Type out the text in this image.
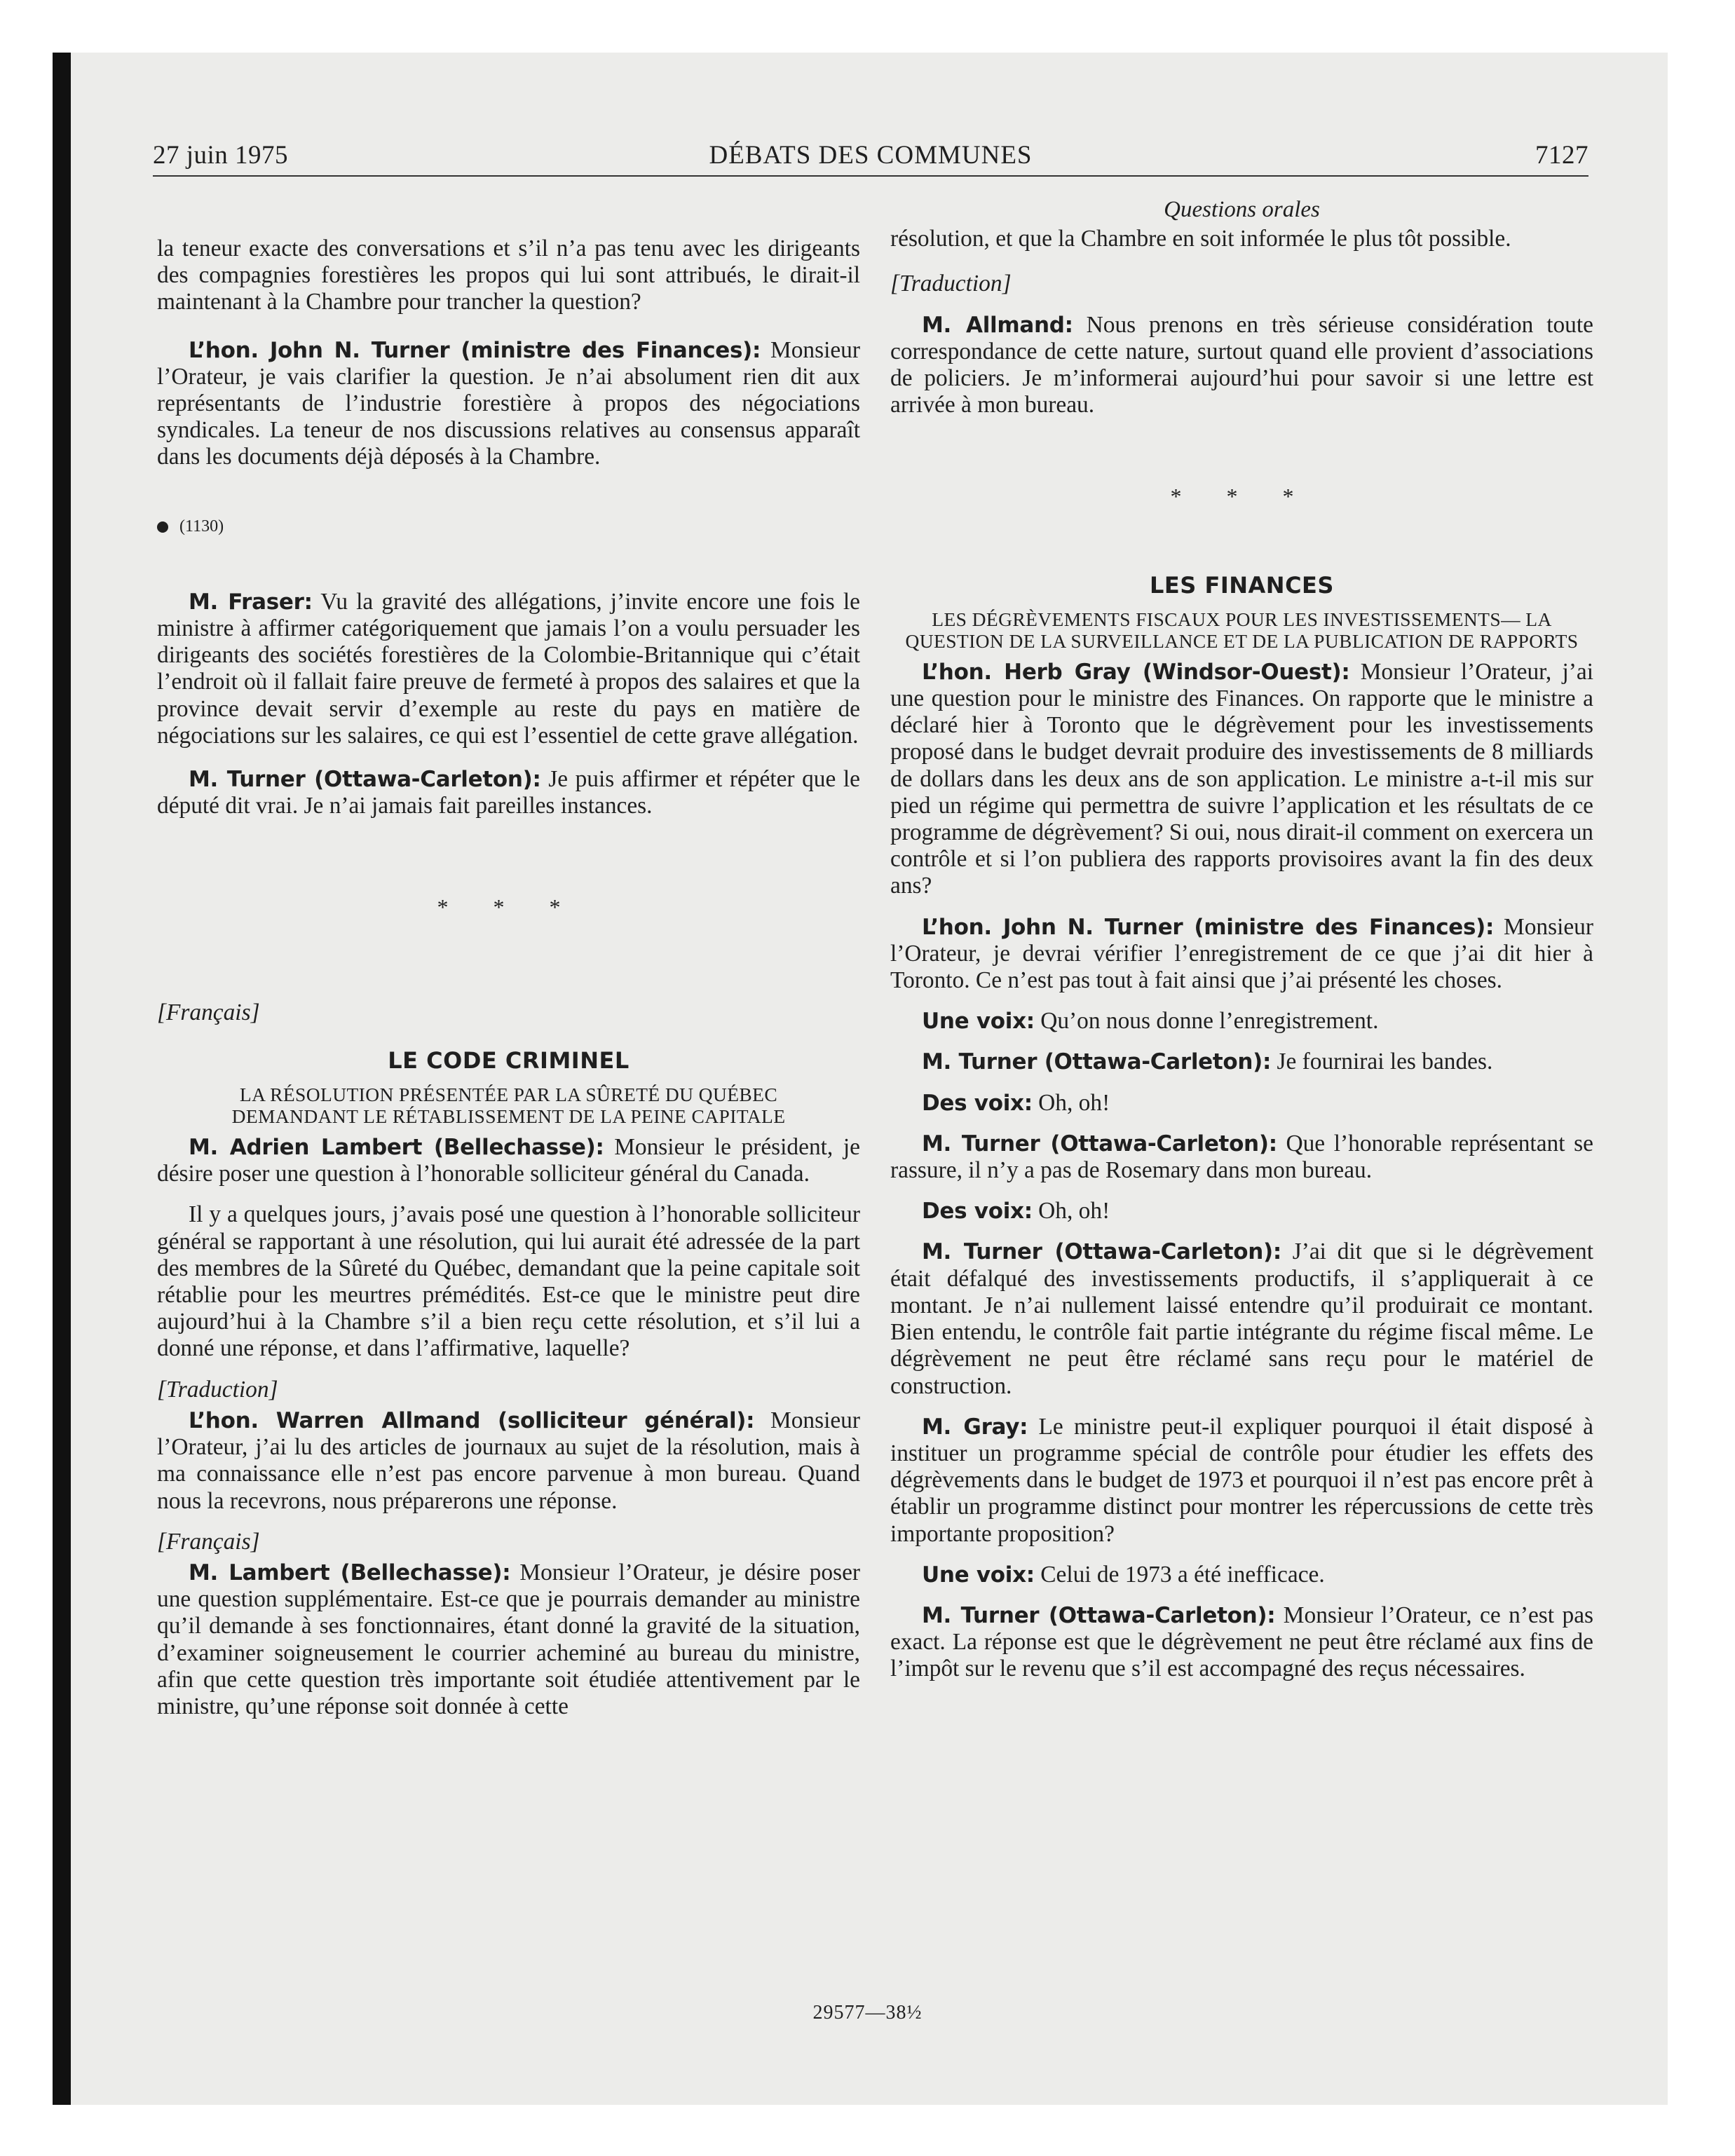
27 juin 1975	DÉBATS DES COMMUNES	7127

la teneur exacte des conversations et s’il n’a pas tenu avec les dirigeants des compagnies forestières les propos qui lui sont attribués, le dirait-il maintenant à la Chambre pour trancher la question?

L’hon. John N. Turner (ministre des Finances): Monsieur l’Orateur, je vais clarifier la question. Je n’ai absolument rien dit aux représentants de l’industrie forestière à propos des négociations syndicales. La teneur de nos discussions relatives au consensus apparaît dans les documents déjà déposés à la Chambre.

(1130)

M. Fraser: Vu la gravité des allégations, j’invite encore une fois le ministre à affirmer catégoriquement que jamais l’on a voulu persuader les dirigeants des sociétés forestières de la Colombie-Britannique qui c’était l’endroit où il fallait faire preuve de fermeté à propos des salaires et que la province devait servir d’exemple au reste du pays en matière de négociations sur les salaires, ce qui est l’essentiel de cette grave allégation.

M. Turner (Ottawa-Carleton): Je puis affirmer et répéter que le député dit vrai. Je n’ai jamais fait pareilles instances.

* * *

[Français]

LE CODE CRIMINEL
LA RÉSOLUTION PRÉSENTÉE PAR LA SÛRETÉ DU QUÉBEC DEMANDANT LE RÉTABLISSEMENT DE LA PEINE CAPITALE

M. Adrien Lambert (Bellechasse): Monsieur le président, je désire poser une question à l’honorable solliciteur général du Canada.

Il y a quelques jours, j’avais posé une question à l’honorable solliciteur général se rapportant à une résolution, qui lui aurait été adressée de la part des membres de la Sûreté du Québec, demandant que la peine capitale soit rétablie pour les meurtres prémédités. Est-ce que le ministre peut dire aujourd’hui à la Chambre s’il a bien reçu cette résolution, et s’il lui a donné une réponse, et dans l’affirmative, laquelle?

[Traduction]

L’hon. Warren Allmand (solliciteur général): Monsieur l’Orateur, j’ai lu des articles de journaux au sujet de la résolution, mais à ma connaissance elle n’est pas encore parvenue à mon bureau. Quand nous la recevrons, nous préparerons une réponse.

[Français]

M. Lambert (Bellechasse): Monsieur l’Orateur, je désire poser une question supplémentaire. Est-ce que je pourrais demander au ministre qu’il demande à ses fonctionnaires, étant donné la gravité de la situation, d’examiner soigneusement le courrier acheminé au bureau du ministre, afin que cette question très importante soit étudiée attentivement par le ministre, qu’une réponse soit donnée à cette

Questions orales

résolution, et que la Chambre en soit informée le plus tôt possible.

[Traduction]

M. Allmand: Nous prenons en très sérieuse considération toute correspondance de cette nature, surtout quand elle provient d’associations de policiers. Je m’informerai aujourd’hui pour savoir si une lettre est arrivée à mon bureau.

* * *
LES FINANCES
LES DÉGRÈVEMENTS FISCAUX POUR LES INVESTISSEMENTS— LA QUESTION DE LA SURVEILLANCE ET DE LA PUBLICATION DE RAPPORTS

L’hon. Herb Gray (Windsor-Ouest): Monsieur l’Orateur, j’ai une question pour le ministre des Finances. On rapporte que le ministre a déclaré hier à Toronto que le dégrèvement pour les investissements proposé dans le budget devrait produire des investissements de 8 milliards de dollars dans les deux ans de son application. Le ministre a-t-il mis sur pied un régime qui permettra de suivre l’application et les résultats de ce programme de dégrèvement? Si oui, nous dirait-il comment on exercera un contrôle et si l’on publiera des rapports provisoires avant la fin des deux ans?

L’hon. John N. Turner (ministre des Finances): Monsieur l’Orateur, je devrai vérifier l’enregistrement de ce que j’ai dit hier à Toronto. Ce n’est pas tout à fait ainsi que j’ai présenté les choses.

Une voix: Qu’on nous donne l’enregistrement.

M. Turner (Ottawa-Carleton): Je fournirai les bandes.

Des voix: Oh, oh!

M. Turner (Ottawa-Carleton): Que l’honorable représentant se rassure, il n’y a pas de Rosemary dans mon bureau.

Des voix: Oh, oh!

M. Turner (Ottawa-Carleton): J’ai dit que si le dégrèvement était défalqué des investissements productifs, il s’appliquerait à ce montant. Je n’ai nullement laissé entendre qu’il produirait ce montant. Bien entendu, le contrôle fait partie intégrante du régime fiscal même. Le dégrèvement ne peut être réclamé sans reçu pour le matériel de construction.

M. Gray: Le ministre peut-il expliquer pourquoi il était disposé à instituer un programme spécial de contrôle pour étudier les effets des dégrèvements dans le budget de 1973 et pourquoi il n’est pas encore prêt à établir un programme distinct pour montrer les répercussions de cette très importante proposition?

Une voix: Celui de 1973 a été inefficace.

M. Turner (Ottawa-Carleton): Monsieur l’Orateur, ce n’est pas exact. La réponse est que le dégrèvement ne peut être réclamé aux fins de l’impôt sur le revenu que s’il est accompagné des reçus nécessaires.

29577—38½
